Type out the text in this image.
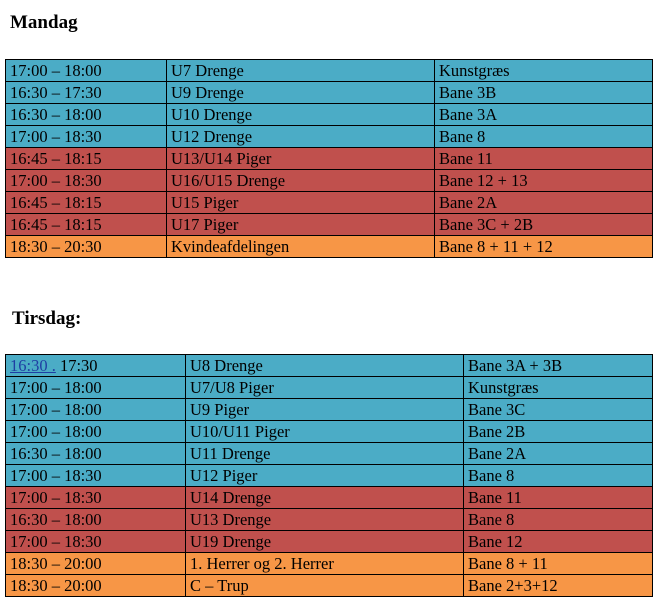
Mandag
17:00 – 18:00	U7 Drenge	Kunstgræs
16:30 – 17:30	U9 Drenge	Bane 3B
16:30 – 18:00	U10 Drenge	Bane 3A
17:00 – 18:30	U12 Drenge	Bane 8
16:45 – 18:15	U13/U14 Piger	Bane 11
17:00 – 18:30	U16/U15 Drenge	Bane 12 + 13
16:45 – 18:15	U15 Piger	Bane 2A
16:45 – 18:15	U17 Piger	Bane 3C + 2B
18:30 – 20:30	Kvindeafdelingen	Bane 8 + 11 + 12
Tirsdag:
16:30 . 17:30	U8 Drenge	Bane 3A + 3B
17:00 – 18:00	U7/U8 Piger	Kunstgræs
17:00 – 18:00	U9 Piger	Bane 3C
17:00 – 18:00	U10/U11 Piger	Bane 2B
16:30 – 18:00	U11 Drenge	Bane 2A
17:00 – 18:30	U12 Piger	Bane 8
17:00 – 18:30	U14 Drenge	Bane 11
16:30 – 18:00	U13 Drenge	Bane 8
17:00 – 18:30	U19 Drenge	Bane 12
18:30 – 20:00	1. Herrer og 2. Herrer	Bane 8 + 11
18:30 – 20:00	C – Trup	Bane 2+3+12
